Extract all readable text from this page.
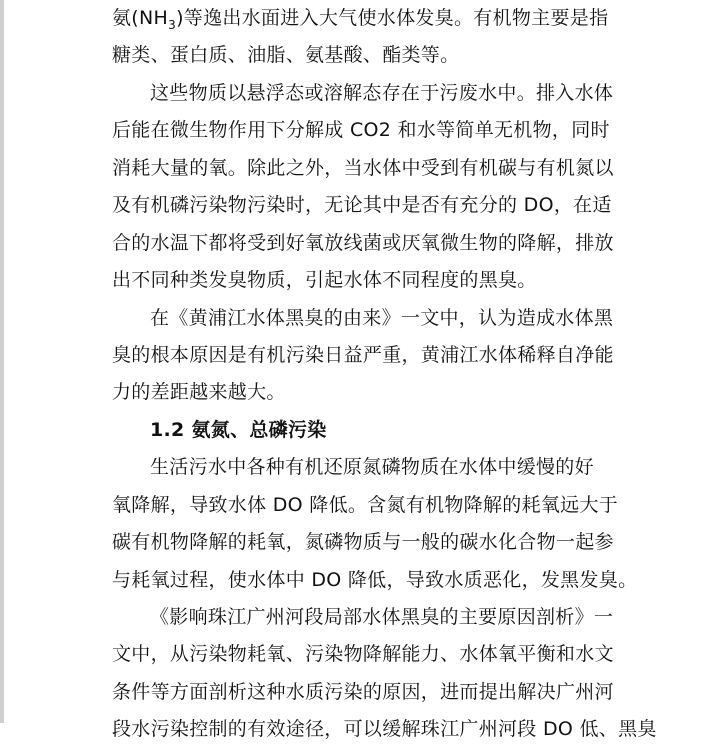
氨$(NH_3)$等逸出水面进入大气使水体发臭。有机物主要是指
糖类、蛋白质、油脂、氨基酸、酯类等。
这些物质以悬浮态或溶解态存在于污废水中。排入水体
后能在微生物作用下分解成 CO2 和水等简单无机物，同时
消耗大量的氧。除此之外，当水体中受到有机碳与有机氮以
及有机磷污染物污染时，无论其中是否有充分的 DO，在适
合的水温下都将受到好氧放线菌或厌氧微生物的降解，排放
出不同种类发臭物质，引起水体不同程度的黑臭。
在《黄浦江水体黑臭的由来》一文中，认为造成水体黑
臭的根本原因是有机污染日益严重，黄浦江水体稀释自净能
力的差距越来越大。
1.2 氨氮、总磷污染
生活污水中各种有机还原氮磷物质在水体中缓慢的好
氧降解，导致水体 DO 降低。含氮有机物降解的耗氧远大于
碳有机物降解的耗氧，氮磷物质与一般的碳水化合物一起参
与耗氧过程，使水体中 DO 降低，导致水质恶化，发黑发臭。
《影响珠江广州河段局部水体黑臭的主要原因剖析》一
文中，从污染物耗氧、污染物降解能力、水体氧平衡和水文
条件等方面剖析这种水质污染的原因，进而提出解决广州河
段水污染控制的有效途径，可以缓解珠江广州河段 DO 低、黑臭
